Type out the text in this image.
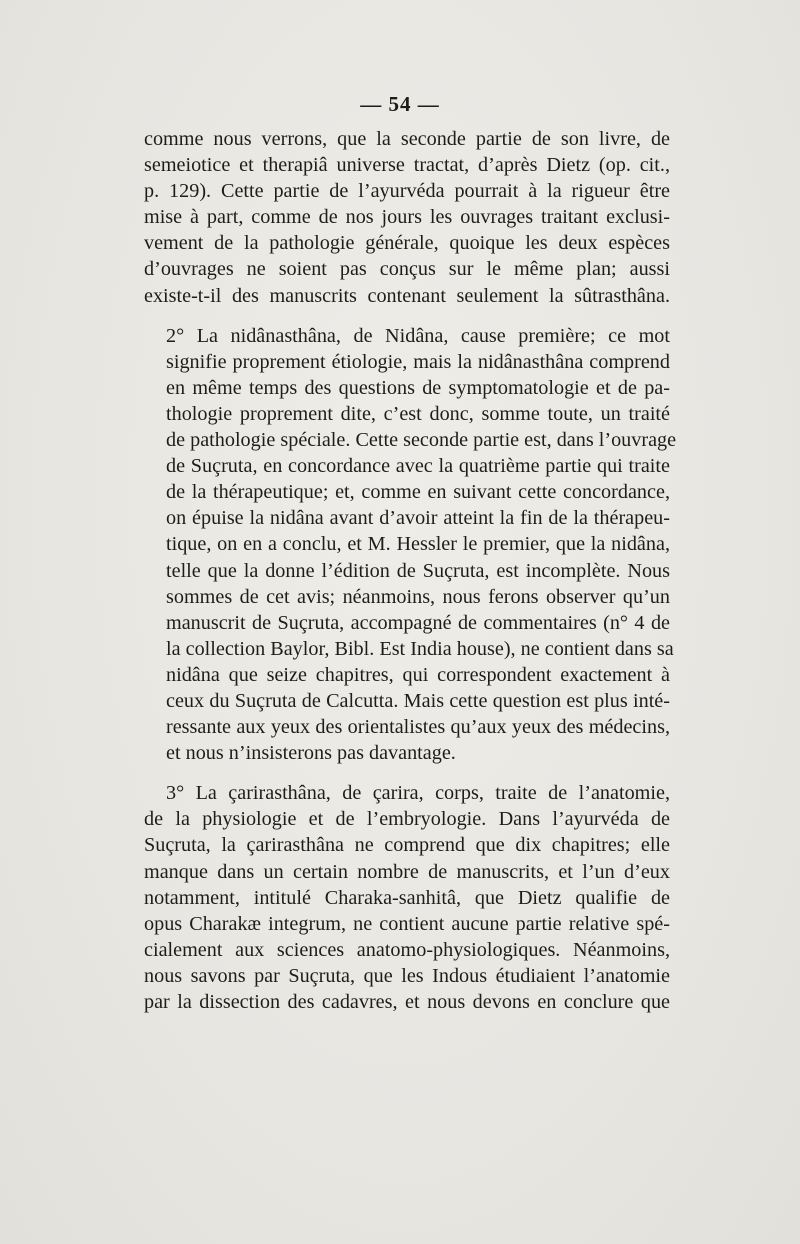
— 54 —

comme nous verrons, que la seconde partie de son livre, de
semeiotice et therapiâ universe tractat, d’après Dietz (op. cit.,
p. 129). Cette partie de l’ayurvéda pourrait à la rigueur être
mise à part, comme de nos jours les ouvrages traitant exclusi-
vement de la pathologie générale, quoique les deux espèces
d’ouvrages ne soient pas conçus sur le même plan; aussi
existe-t-il des manuscrits contenant seulement la sûtrasthâna.

2° La nidânasthâna, de Nidâna, cause première; ce mot
signifie proprement étiologie, mais la nidânasthâna comprend
en même temps des questions de symptomatologie et de pa-
thologie proprement dite, c’est donc, somme toute, un traité
de pathologie spéciale. Cette seconde partie est, dans l’ouvrage
de Suçruta, en concordance avec la quatrième partie qui traite
de la thérapeutique; et, comme en suivant cette concordance,
on épuise la nidâna avant d’avoir atteint la fin de la thérapeu-
tique, on en a conclu, et M. Hessler le premier, que la nidâna,
telle que la donne l’édition de Suçruta, est incomplète. Nous
sommes de cet avis; néanmoins, nous ferons observer qu’un
manuscrit de Suçruta, accompagné de commentaires (n° 4 de
la collection Baylor, Bibl. Est India house), ne contient dans sa
nidâna que seize chapitres, qui correspondent exactement à
ceux du Suçruta de Calcutta. Mais cette question est plus inté-
ressante aux yeux des orientalistes qu’aux yeux des médecins,
et nous n’insisterons pas davantage.

3° La çarirasthâna, de çarira, corps, traite de l’anatomie,
de la physiologie et de l’embryologie. Dans l’ayurvéda de
Suçruta, la çarirasthâna ne comprend que dix chapitres; elle
manque dans un certain nombre de manuscrits, et l’un d’eux
notamment, intitulé Charaka-sanhitâ, que Dietz qualifie de
opus Charakæ integrum, ne contient aucune partie relative spé-
cialement aux sciences anatomo-physiologiques. Néanmoins,
nous savons par Suçruta, que les Indous étudiaient l’anatomie
par la dissection des cadavres, et nous devons en conclure que
